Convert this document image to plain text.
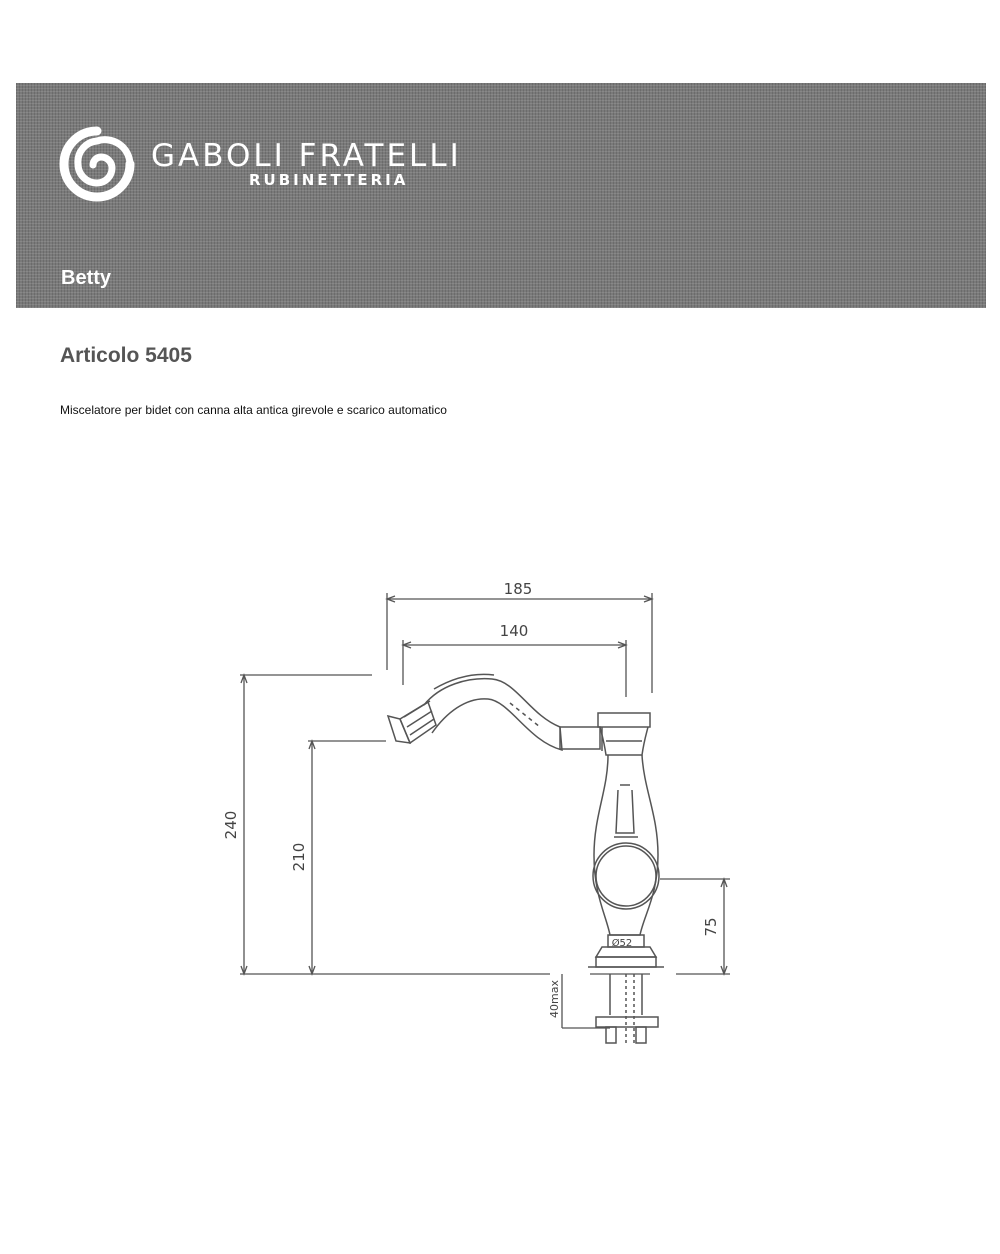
GABOLI FRATELLI
RUBINETTERIA
Betty
Articolo 5405
Miscelatore per bidet con canna alta antica girevole e scarico automatico
185
140
240
210
75
40max
Ø52
